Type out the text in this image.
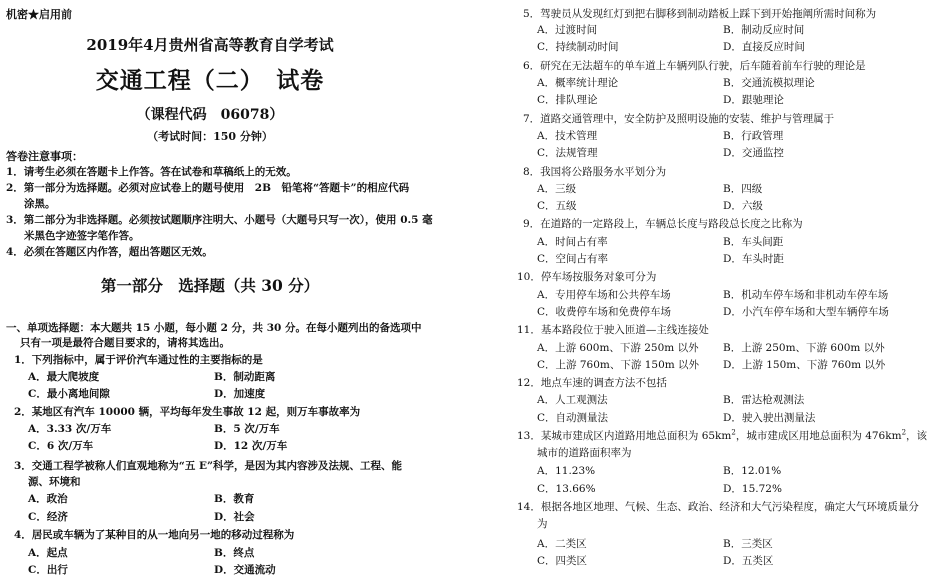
机密★启用前
2019年4月贵州省高等教育自学考试
交通工程（二）　试卷
（课程代码　06078）
（考试时间：150 分钟）
答卷注意事项：
1．请考生必须在答题卡上作答。答在试卷和草稿纸上的无效。
2．第一部分为选择题。必须对应试卷上的题号使用　2B　铅笔将“答题卡”的相应代码
涂黑。
3．第二部分为非选择题。必须按试题顺序注明大、小题号（大题号只写一次），使用 0.5 毫
米黑色字迹签字笔作答。
4．必须在答题区内作答，超出答题区无效。
第一部分　选择题（共 30 分）
一、单项选择题：本大题共 15 小题，每小题 2 分，共 30 分。在每小题列出的备选项中
只有一项是最符合题目要求的，请将其选出。
1．下列指标中，属于评价汽车通过性的主要指标的是
A．最大爬坡度	B．制动距离
C．最小离地间隙	D．加速度
2．某地区有汽车 10000 辆，平均每年发生事故 12 起，则万车事故率为
A．3.33 次/万车	B．5 次/万车
C．6 次/万车	D．12 次/万车
3．交通工程学被称人们直观地称为“五 E”科学，是因为其内容涉及法规、工程、能
源、环境和
A．政治	B．教育
C．经济	D．社会
4．居民或车辆为了某种目的从一地向另一地的移动过程称为
A．起点	B．终点
C．出行	D．交通流动
5．驾驶员从发现红灯到把右脚移到制动踏板上踩下到开始拖阐所需时间称为
A．过渡时间	B．制动反应时间
C．持续制动时间	D．直接反应时间
6．研究在无法超车的单车道上车辆列队行驶，后车随着前车行驶的理论是
A．概率统计理论	B．交通流模拟理论
C．排队理论	D．跟驰理论
7．道路交通管理中，安全防护及照明设施的安装、维护与管理属于
A．技术管理	B．行政管理
C．法规管理	D．交通监控
8．我国将公路服务水平划分为
A．三级	B．四级
C．五级	D．六级
9．在道路的一定路段上，车辆总长度与路段总长度之比称为
A．时间占有率	B．车头间距
C．空间占有率	D．车头时距
10．停车场按服务对象可分为
A．专用停车场和公共停车场	B．机动车停车场和非机动车停车场
C．收费停车场和免费停车场	D．小汽车停车场和大型车辆停车场
11．基本路段位于驶入匝道—主线连接处
A．上游 600m、下游 250m 以外 B．上游 250m、下游 600m 以外
C．上游 760m、下游 150m 以外 D．上游 150m、下游 760m 以外
12．地点车速的调查方法不包括
A．人工观测法	B．雷达枪观测法
C．自动测量法	D．驶入驶出测量法
13．某城市建成区内道路用地总面积为 $65km^2$，城市建成区用地总面积为 $476km^2$，该
城市的道路面积率为
A．11.23%	B．12.01%
C．13.66%	D．15.72%
14．根据各地区地理、气候、生态、政治、经济和大气污染程度，确定大气环境质量分
为
A．二类区	B．三类区
C．四类区	D．五类区
